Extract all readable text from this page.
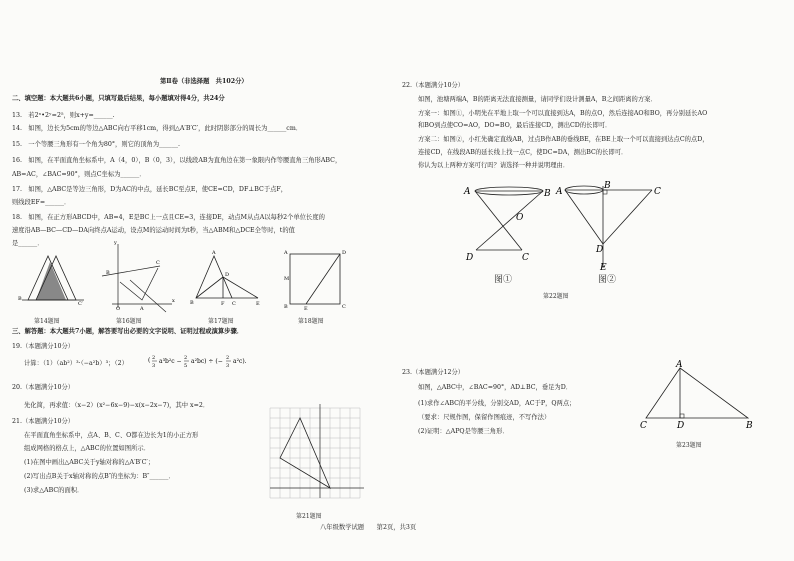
第Ⅱ卷（非选择题　共102分）
二、填空题：本大题共6小题，只填写最后结果，每小题填对得4分，共24分
13.　若2ˣ•2ʸ=2⁵，则x+y=______.
14.　如图，边长为5cm的等边△ABC向右平移1cm，得到△A′B′C′，此时阴影部分的周长为______cm．
15.　一个等腰三角形有一个角为80°，则它的顶角为______.
16.　如图，在平面直角坐标系中，A（4，0），B（0，3），以线段AB为直角边在第一象限内作等腰直角三角形ABC，
AB=AC，∠BAC=90°，则点C坐标为______．
17.　如图，△ABC是等边三角形，D为AC的中点，延长BC至点E，使CE=CD，DF⊥BC于点F，
则线段EF=______．
18.　如图，在正方形ABCD中，AB=4，E是BC上一点且CE=3，连接DE，动点M从点A以每秒2个单位长度的
速度沿AB—BC—CD—DA向终点A运动，设点M的运动时间为t秒，当△ABM和△DCE全等时，t的值
是______．
B
C′
第14题图
y
x
B
C
O	A
第16题图
B
A
D
F C	E
第17题图
A	D
B	E	C
M
第18题图
三、解答题：本大题共7小题，解答要写出必要的文字说明、证明过程或演算步骤．
19.（本题满分10分）
计算：（1）（ab²）³·（−a²b）³；（2）	( 2
3
a³b²c − 2
5
a²bc) ÷ (− 2
3
a²c).
20.（本题满分10分）
先化简，再求值：（x−2）(x²−6x−9)−x(x−2x−7)，其中 x=2．
21.（本题满分10分）
在平面直角坐标系中，点A、B、C、O都在边长为1的小正方形
组成网格的格点上，△ABC的位置如图所示．
(1)在图中画出△ABC关于y轴对称的△A′B′C′；
(2)写出点B关于x轴对称的点B″的坐标为：B″______．
(3)求△ABC的面积．
第21题图
22.（本题满分10分）
如图，池塘两端A，B的距离无法直接测量，请同学们设计测量A，B之间距离的方案．
方案一：如图①，小明先在平地上取一个可以直接到达A，B的点O，然后连接AO和BO，再分别延长AO
和BO到点使CO=AO，DO=BO，最后连接CD，测出CD的长即可．
方案二：如图②，小红先确定直线AB，过点B作AB的垂线BE，在BE上取一个可以直接到达点C的点D，
连接CD，在线段AB的延长线上找一点C，使DC=DA，测出BC的长即可．
你认为以上两种方案可行吗？请选择一种并说明理由．
A	B
O
D	C
图①
A
B
C
D
E
图②
第22题图
23.（本题满分12分）
如图，△ABC中，∠BAC=90°，AD⊥BC，垂足为D．
(1)求作∠ABC的平分线，分别交AD，AC于P，Q两点；
（要求：尺规作图，保留作图痕迹，不写作法）
(2)证明：△APQ是等腰三角形．
A
C	D	B
第23题图
八年级数学试题　　第2页，共3页
